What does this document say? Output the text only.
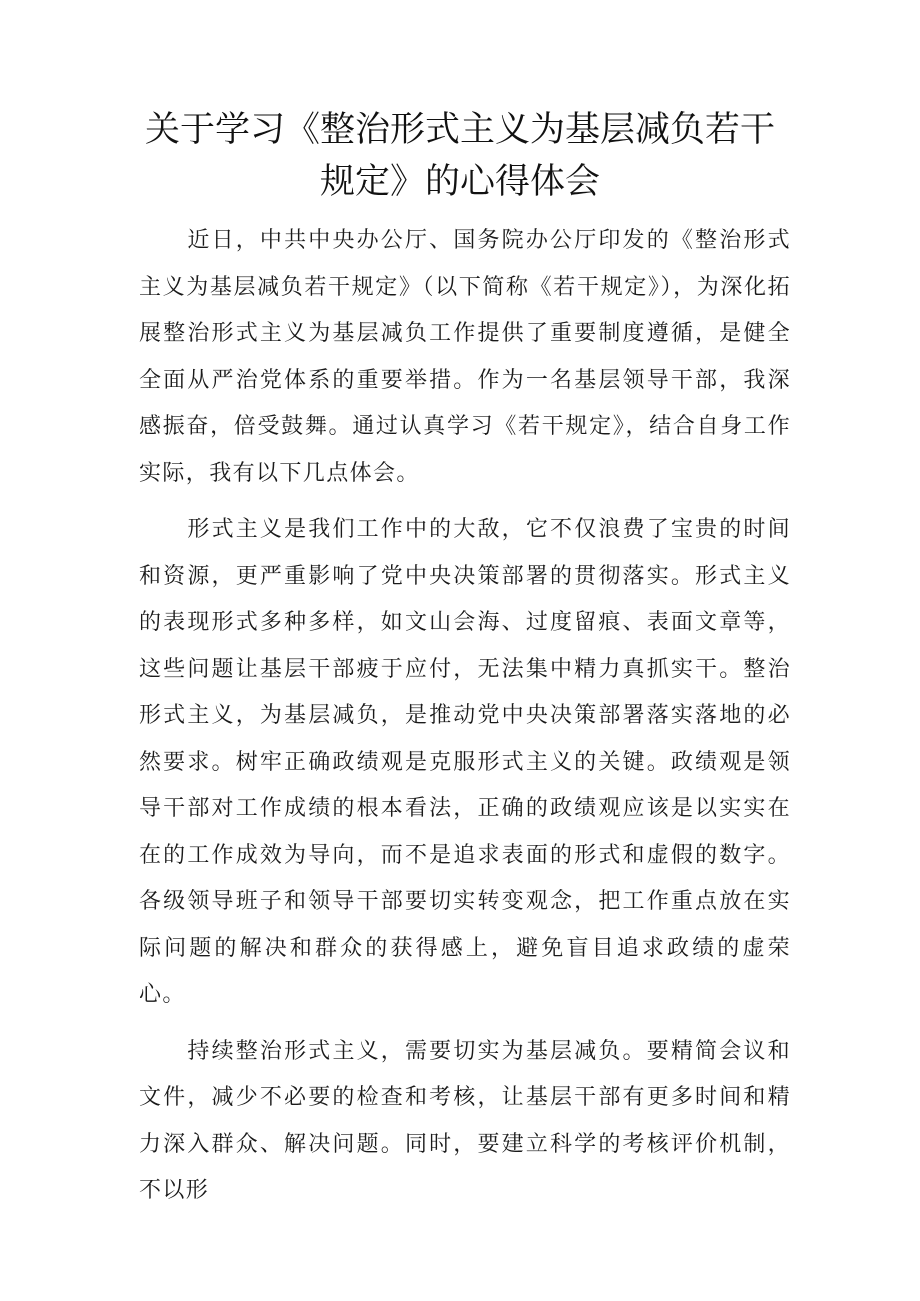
关于学习《整治形式主义为基层减负若干
规定》的心得体会

近日，中共中央办公厅、国务院办公厅印发的《整治形式主义为基层减负若干规定》（以下简称《若干规定》），为深化拓展整治形式主义为基层减负工作提供了重要制度遵循，是健全全面从严治党体系的重要举措。作为一名基层领导干部，我深感振奋，倍受鼓舞。通过认真学习《若干规定》，结合自身工作实际，我有以下几点体会。

形式主义是我们工作中的大敌，它不仅浪费了宝贵的时间和资源，更严重影响了党中央决策部署的贯彻落实。形式主义的表现形式多种多样，如文山会海、过度留痕、表面文章等，这些问题让基层干部疲于应付，无法集中精力真抓实干。整治形式主义，为基层减负，是推动党中央决策部署落实落地的必然要求。树牢正确政绩观是克服形式主义的关键。政绩观是领导干部对工作成绩的根本看法，正确的政绩观应该是以实实在在的工作成效为导向，而不是追求表面的形式和虚假的数字。各级领导班子和领导干部要切实转变观念，把工作重点放在实际问题的解决和群众的获得感上，避免盲目追求政绩的虚荣心。

持续整治形式主义，需要切实为基层减负。要精简会议和文件，减少不必要的检查和考核，让基层干部有更多时间和精力深入群众、解决问题。同时，要建立科学的考核评价机制，不以形
